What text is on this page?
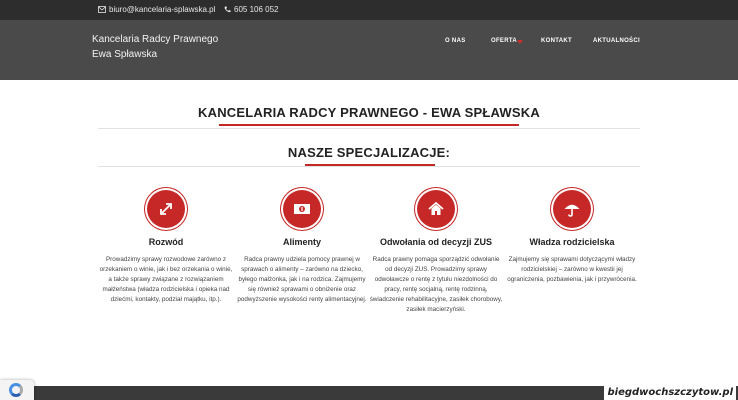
biuro@kancelaria-splawska.pl 605 106 052
Kancelaria Radcy Prawnego
Ewa Spławska
O NAS	OFERTA	KONTAKT	AKTUALNOŚCI
KANCELARIA RADCY PRAWNEGO - EWA SPŁAWSKA
NASZE SPECJALIZACJE:
Rozwód

Prowadzimy sprawy rozwodowe zarówno z orzekaniem o winie, jak i bez orzekania o winie, a także sprawy związane z rozwiązaniem małżeństwa (władza rodzicielska i opieka nad dziećmi, kontakty, podział majątku, itp.).

Alimenty

Radca prawny udziela pomocy prawnej w sprawach o alimenty – zarówno na dziecko, byłego małżonka, jak i na rodzica. Zajmujemy się również sprawami o obniżenie oraz podwyższenie wysokości renty alimentacyjnej.

Odwołania od decyzji ZUS

Radca prawny pomaga sporządzić odwołanie od decyzji ZUS. Prowadzimy sprawy odwoławcze o rentę z tytułu niezdolności do pracy, rentę socjalną, rentę rodzinną, świadczenie rehabilitacyjne, zasiłek chorobowy, zasiłek macierzyński.

Władza rodzicielska

Zajmujemy się sprawami dotyczącymi władzy rodzicielskiej – zarówno w kwestii jej ograniczenia, pozbawienia, jak i przywrócenia.

biegdwochszczytow.pl
